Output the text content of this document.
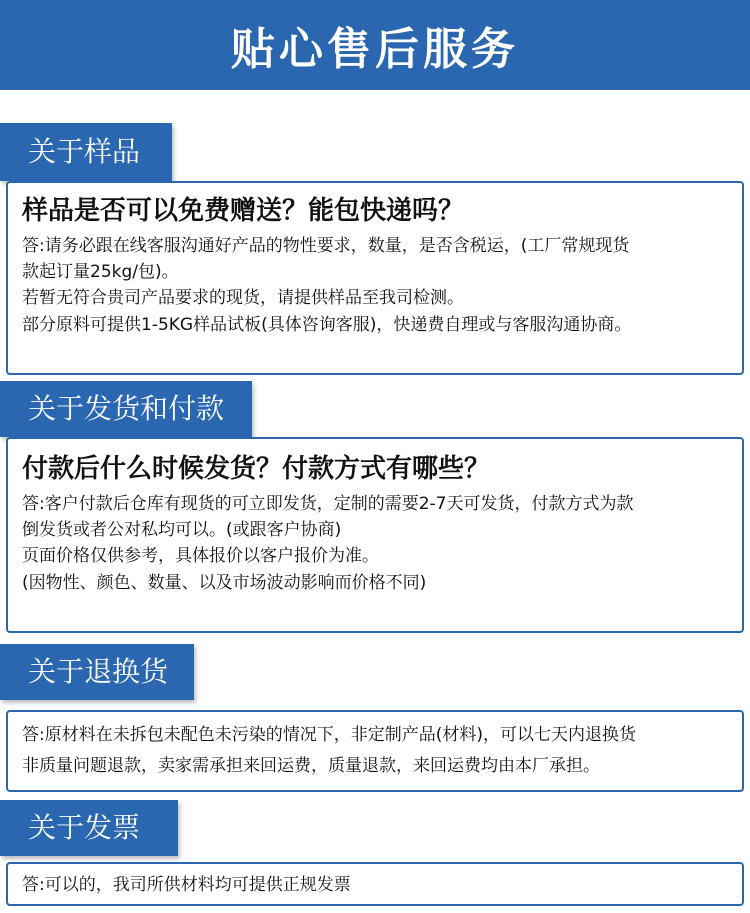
贴心售后服务
关于样品

样品是否可以免费赠送？能包快递吗？

答:请务必跟在线客服沟通好产品的物性要求，数量，是否含税运，(工厂常规现货

款起订量25kg/包)。

若暂无符合贵司产品要求的现货，请提供样品至我司检测。

部分原料可提供1-5KG样品试板(具体咨询客服)，快递费自理或与客服沟通协商。

关于发货和付款

付款后什么时候发货？付款方式有哪些？

答:客户付款后仓库有现货的可立即发货，定制的需要2-7天可发货，付款方式为款

倒发货或者公对私均可以。(或跟客户协商)

页面价格仅供参考，具体报价以客户报价为准。

(因物性、颜色、数量、以及市场波动影响而价格不同)

关于退换货

答:原材料在未拆包未配色未污染的情况下，非定制产品(材料)，可以七天内退换货

非质量问题退款，卖家需承担来回运费，质量退款，来回运费均由本厂承担。

关于发票

答:可以的，我司所供材料均可提供正规发票
